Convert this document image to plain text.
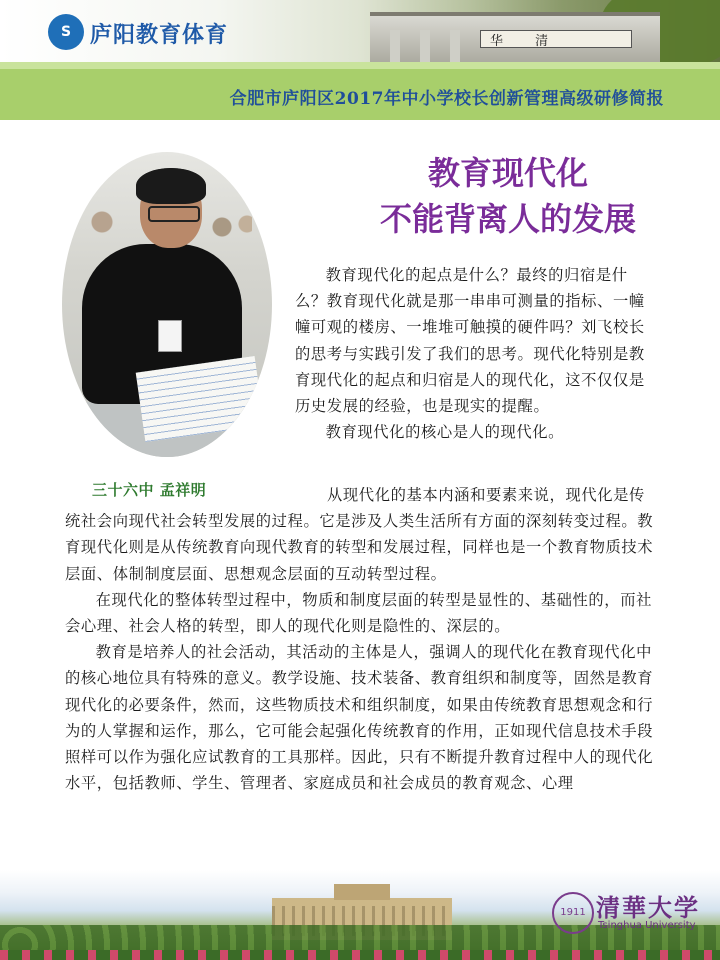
华 清
S 庐阳教育体育
合肥市庐阳区2017年中小学校长创新管理高级研修简报
教育现代化
不能背离人的发展
三十六中 孟祥明

教育现代化的起点是什么？最终的归宿是什么？教育现代化就是那一串串可测量的指标、一幢幢可观的楼房、一堆堆可触摸的硬件吗？刘飞校长的思考与实践引发了我们的思考。现代化特别是教育现代化的起点和归宿是人的现代化，这不仅仅是历史发展的经验，也是现实的提醒。

教育现代化的核心是人的现代化。

从现代化的基本内涵和要素来说，现代化是传统社会向现代社会转型发展的过程。它是涉及人类生活所有方面的深刻转变过程。教育现代化则是从传统教育向现代教育的转型和发展过程，同样也是一个教育物质技术层面、体制制度层面、思想观念层面的互动转型过程。

在现代化的整体转型过程中，物质和制度层面的转型是显性的、基础性的，而社会心理、社会人格的转型，即人的现代化则是隐性的、深层的。

教育是培养人的社会活动，其活动的主体是人，强调人的现代化在教育现代化中的核心地位具有特殊的意义。教学设施、技术装备、教育组织和制度等，固然是教育现代化的必要条件，然而，这些物质技术和组织制度，如果由传统教育思想观念和行为的人掌握和运作，那么，它可能会起强化传统教育的作用，正如现代信息技术手段照样可以作为强化应试教育的工具那样。因此，只有不断提升教育过程中人的现代化水平，包括教师、学生、管理者、家庭成员和社会成员的教育观念、心理

1911 清華大学
Tsinghua University
